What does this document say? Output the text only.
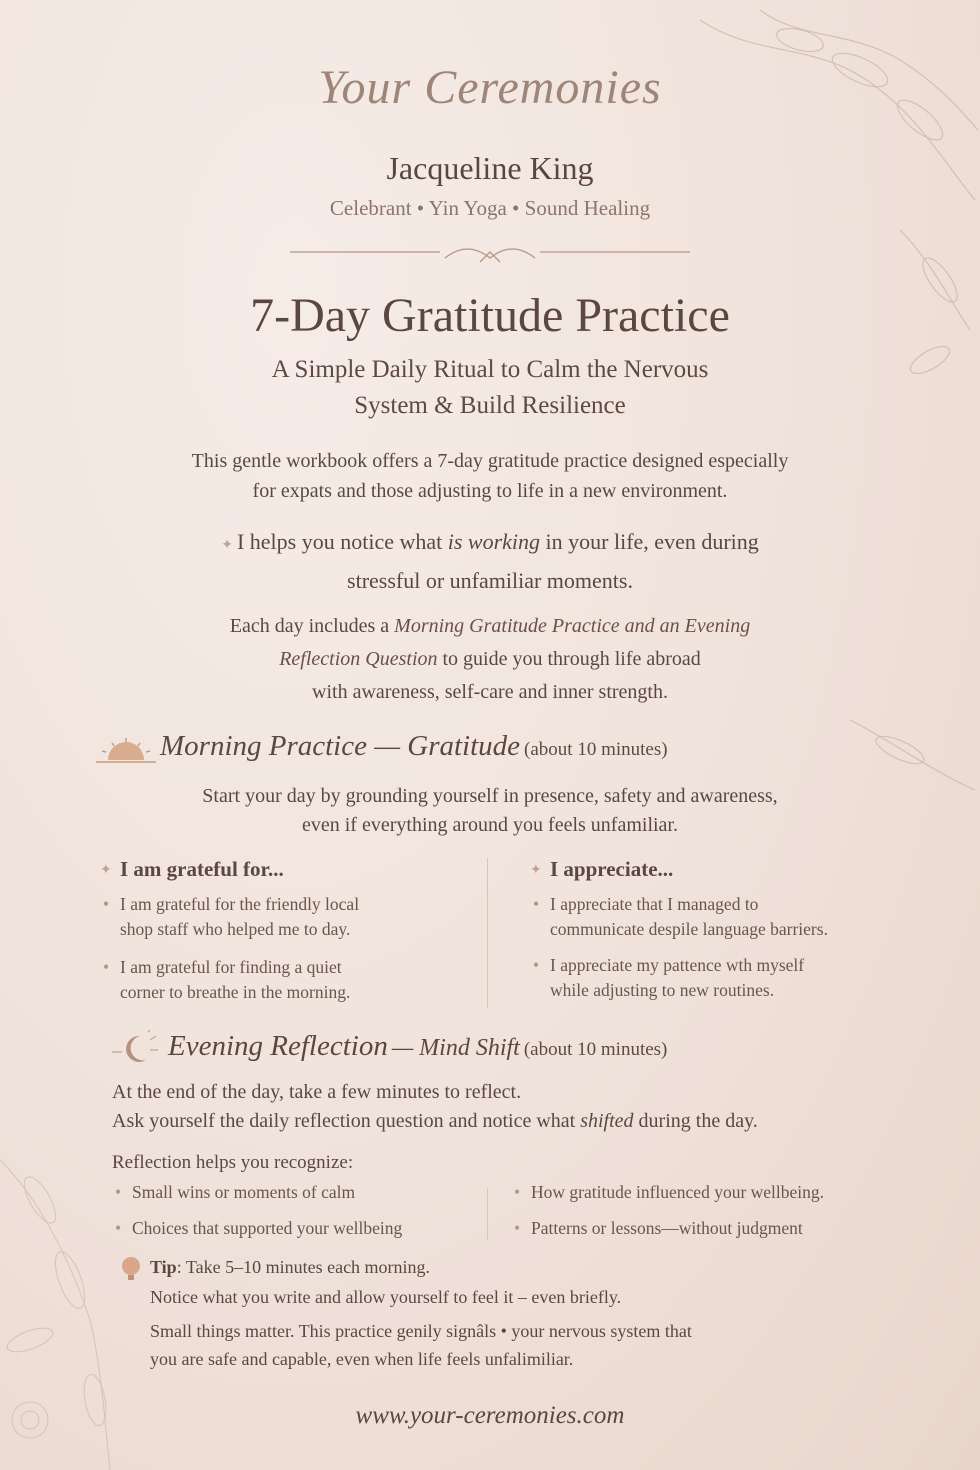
Your Ceremonies
Jacqueline King
Celebrant • Yin Yoga • Sound Healing
7-Day Gratitude Practice
A Simple Daily Ritual to Calm the Nervous
System & Build Resilience
This gentle workbook offers a 7-day gratitude practice designed especially
for expats and those adjusting to life in a new environment.
✦ I helps you notice what is working in your life, even during
stressful or unfamiliar moments.
Each day includes a Morning Gratitude Practice and an Evening
Reflection Question to guide you through life abroad
with awareness, self-care and inner strength.
Morning Practice — Gratitude (about 10 minutes)
Start your day by grounding yourself in presence, safety and awareness,
even if everything around you feels unfamiliar.
✦ I am grateful for...
• I am grateful for the friendly local
shop staff who helped me to day.
• I am grateful for finding a quiet
corner to breathe in the morning.
✦ I appreciate...
• I appreciate that I managed to
communicate despile language barriers.
• I appreciate my pattence wth myself
while adjusting to new routines.
Evening Reflection — Mind Shift (about 10 minutes)
At the end of the day, take a few minutes to reflect.
Ask yourself the daily reflection question and notice what shifted during the day.
Reflection helps you recognize:
• Small wins or moments of calm
• Choices that supported your wellbeing
• How gratitude influenced your wellbeing.
• Patterns or lessons—without judgment
Tip: Take 5–10 minutes each morning.
Notice what you write and allow yourself to feel it – even briefly.
Small things matter. This practice genily signâls • your nervous system that
you are safe and capable, even when life feels unfalimiliar.
www.your-ceremonies.com
